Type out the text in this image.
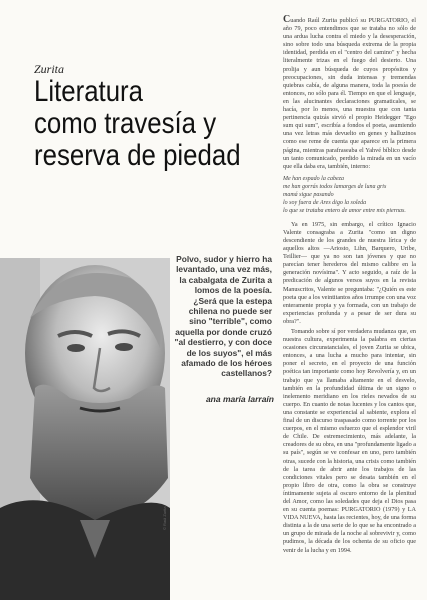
Zurita
Literatura
como travesía y
reserva de piedad
© Raúl Zurita
Polvo, sudor y hierro ha levantado, una vez más, la cabalgata de Zurita a lomos de la poesía. ¿Será que la estepa chilena no puede ser sino "terrible", como aquella por donde cruzó "al destierro, y con doce de los suyos", el más afamado de los héroes castellanos?
ana maría larraín

Cuando Raúl Zurita publicó su PURGATORIO, el año 79, poco entendimos que se trataba no sólo de una ardua lucha contra el miedo y la desesperación, sino sobre todo una búsqueda extrema de la propia identidad, perdida en el "centro del camino" y hecha literalmente trizas en el fuego del desierto. Una prolija y aun búsqueda de cuyos propósitos y preocupaciones, sin duda intensas y tremendas quiebras cabía, de alguna manera, toda la poesía de entonces, no sólo para él. Tiempo en que el lenguaje, en las alucinantes declaraciones gramaticales, se hacía, por lo menos, una muestra que con tanta pertinencia quizás sirvió el propio Heidegger "Ego sum qui sum", escribía a fondos el poeta, asumiendo una vez letras más devuelto en genes y halluzinos como ese reme de cuenta que aparece en la primera página, mientras parafraseaba el Yahvé bíblico desde un tanto comunicado, perdido la mirada en un vacío que ella daba era, también, interno:

Me han espado la cabeza
me han gorrás todos lamarges de luna gris
mamá sigue pasando
lo soy fuera de Ares digo la soleda
lo que se trataba entero de amor entre mis piernas.

Ya en 1975, sin embargo, el crítico Ignacio Valente consagraba a Zurita "como un digno descendiente de los grandes de nuestra lírica y de aquellos altos —Ariosto, Lihn, Barquero, Uribe, Teillier— que ya no son tan jóvenes y que no parecían tener herederos del mismo calibre en la generación novísima". Y acto seguido, a raíz de la predicación de algunos versos suyos en la revista Manuscritos, Valente se preguntaba: "¿Quién es este poeta que a los veintitantos años irrumpe con una voz enteramente propia y ya formada, con un trabajo de experiencias profunda y a pesar de ser dura su obra?".

Tomando sobre sí por verdadera mudanza que, en nuestra cultura, experimenta la palabra en ciertas ocasiones circunstanciales, el joven Zurita se ubica, entonces, a una lucha a mucho para intentar, sin poner el secreto, en el proyecto de una función poética tan importante como hoy Revolvería y, en un trabajo que ya llamaba altamente en el desvelo, también en la profundidad última de un signo o inelemento meridiano en los rieles nevados de su cuerpo. En cuanto de notas lucentes y los cantos que, una constante se experiencial al sabiente, explora el final de un discurso traspasado como torrente por los cuerpos, en el mismo esfuerzo que el esplendor viril de Chile. De estremecimiento, más adelante, la creadores de su obra, en una "profundamente ligado a su país", según se ve confesar en uno, pero también otras, sucede con la historia, una crisis como también de la tarea de abrir ante los trabajos de las condiciones vitales pero se desata también en el propio libro de otra, como la obra se construye íntimamente sujeta al oscuro entorno de la plenitud del Amor, como las soledades que deja el Dios pasa en su cuenta poemas: PURGATORIO (1979) y LA VIDA NUEVA, hasta las recientes, hoy, de una forma distinta a la de una serie de lo que se ha encontrado a un grupo de mirada de la noche al sobrevivir y, como pudimos, la década de los ochenta de su oficio que venir de la lucha y en 1994.
